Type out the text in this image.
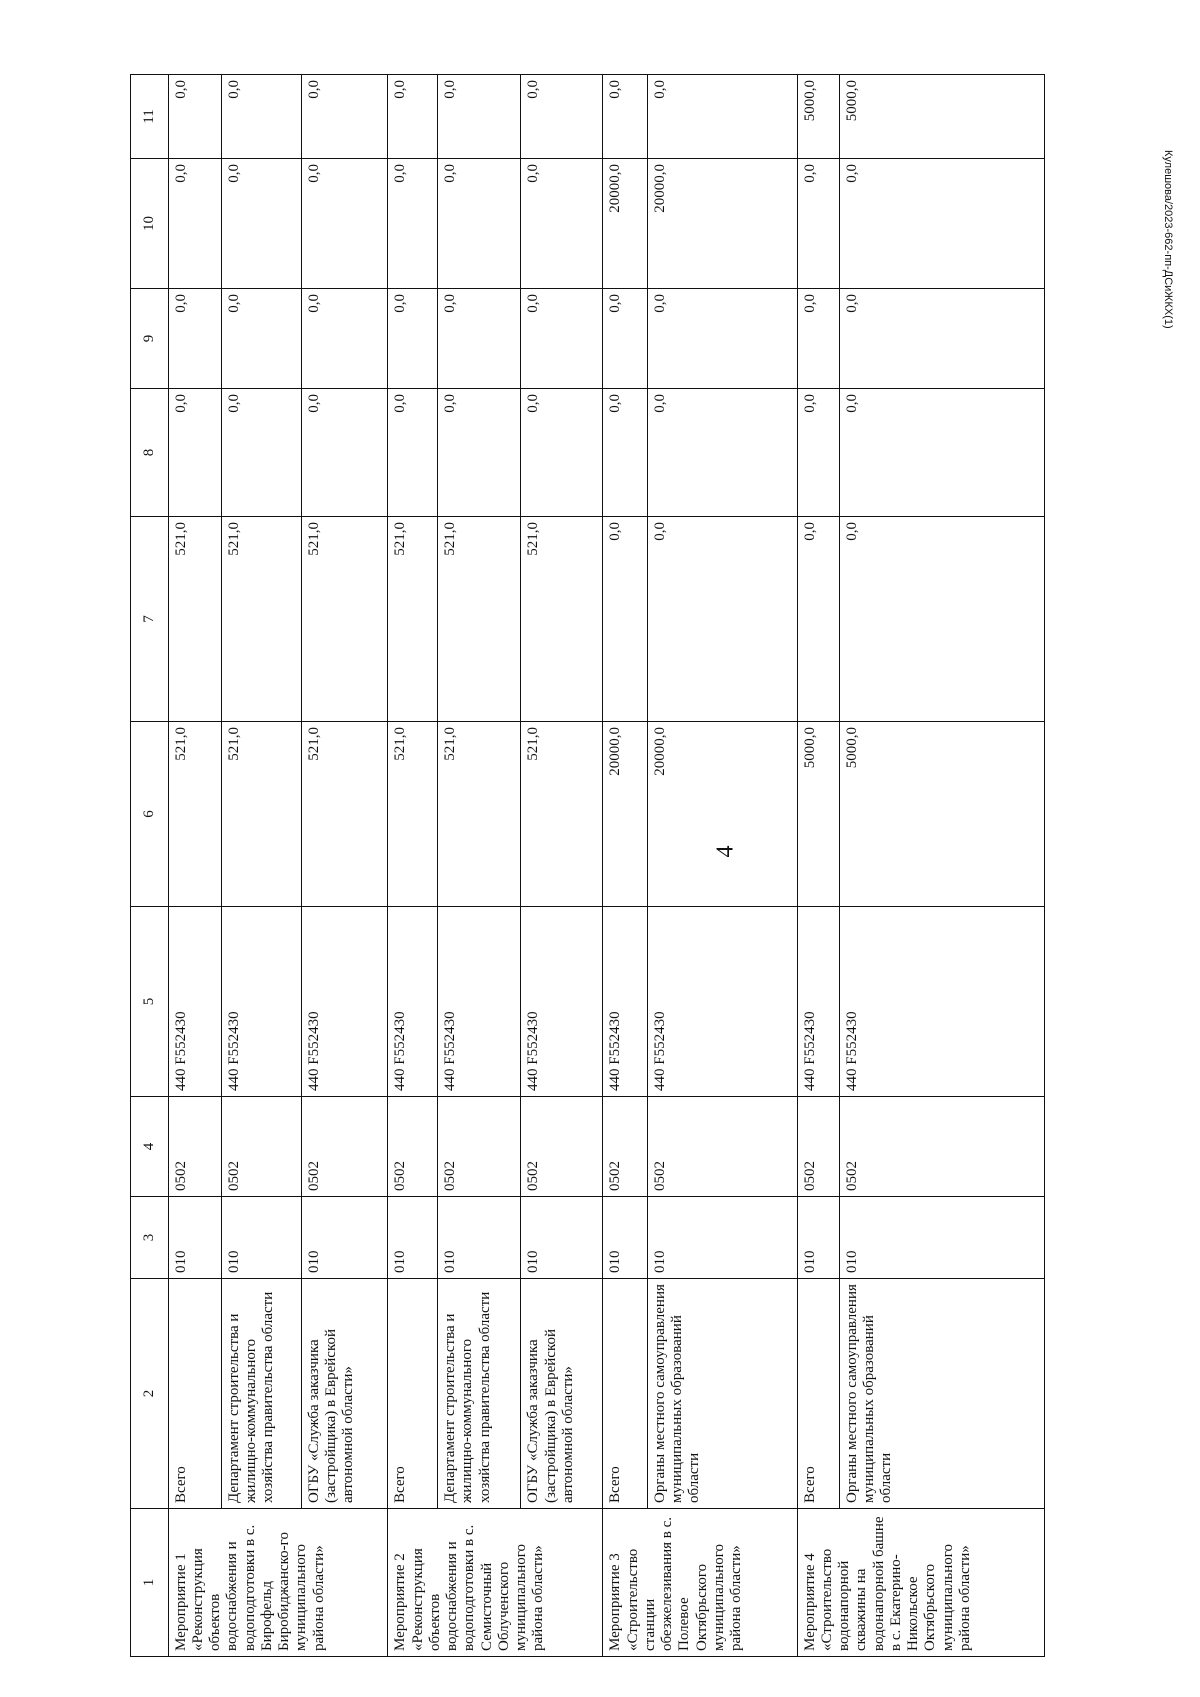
4
Кулешова/2023-662-пп-ДСиЖКХ(1)
1	2	3	4	5	6	7	8	9	10	11
Мероприятие 1 «Реконструкция объектов водоснабжения и водоподготовки в с. Бирофельд Биробиджанско-го муниципального района области»	Всего	010	0502	440 F552430	521,0	521,0	0,0	0,0	0,0	0,0
	Департамент строительства и жилищно-коммунального хозяйства правительства области	010	0502	440 F552430	521,0	521,0	0,0	0,0	0,0	0,0
	ОГБУ «Служба заказчика (застройщика) в Еврейской автономной области»	010	0502	440 F552430	521,0	521,0	0,0	0,0	0,0	0,0
Мероприятие 2 «Реконструкция объектов водоснабжения и водоподготовки в с. Семисточный Облученского муниципального района области»	Всего	010	0502	440 F552430	521,0	521,0	0,0	0,0	0,0	0,0
	Департамент строительства и жилищно-коммунального хозяйства правительства области	010	0502	440 F552430	521,0	521,0	0,0	0,0	0,0	0,0
	ОГБУ «Служба заказчика (застройщика) в Еврейской автономной области»	010	0502	440 F552430	521,0	521,0	0,0	0,0	0,0	0,0
Мероприятие 3 «Строительство станции обезжелезивания в с. Полевое Октябрьского муниципального района области»	Всего	010	0502	440 F552430	20000,0	0,0	0,0	0,0	20000,0	0,0
	Органы местного самоуправления муниципальных образований области	010	0502	440 F552430	20000,0	0,0	0,0	0,0	20000,0	0,0
Мероприятие 4 «Строительство водонапорной скважины на водонапорной башне в с. Екатерино-Никольское Октябрьского муниципального района области»	Всего	010	0502	440 F552430	5000,0	0,0	0,0	0,0	0,0	5000,0
	Органы местного самоуправления муниципальных образований области	010	0502	440 F552430	5000,0	0,0	0,0	0,0	0,0	5000,0
